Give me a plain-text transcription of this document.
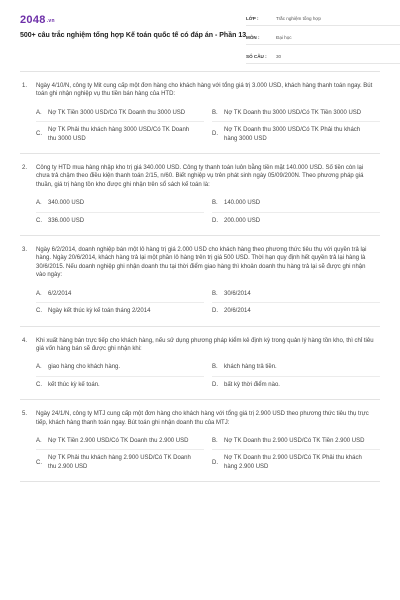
2048.vn
500+ câu trắc nghiệm tổng hợp Kế toán quốc tế có đáp án - Phần 13
LỚP :	Trắc nghiệm tổng hợp
MÔN :	Đại học
SỐ CÂU :	30
1.	Ngày 4/10/N, công ty Mit cung cấp một đơn hàng cho khách hàng với tổng giá trị 3.000 USD, khách hàng thanh toán ngay. Bút toán ghi nhận nghiệp vụ thu tiền bán hàng của HTD:
A.	Nợ TK Tiền 3000 USD/Có TK Doanh thu 3000 USD	B.	Nợ TK Doanh thu 3000 USD/Có TK Tiền 3000 USD
C.
Nợ TK Phải thu khách hàng 3000 USD/Có TK Doanh thu 3000 USD
D.
Nợ TK Doanh thu 3000 USD/Có TK Phải thu khách hàng 3000 USD
2.	Công ty HTD mua hàng nhập kho trị giá 340.000 USD. Công ty thanh toán luôn bằng tiền mặt 140.000 USD. Số tiền còn lại chưa trả chậm theo điều kiện thanh toán 2/15, n/60. Biết nghiệp vụ trên phát sinh ngày 05/09/200N. Theo phương pháp giá thuần, giá trị hàng tồn kho được ghi nhận trên sổ sách kế toán là:
A.	340.000 USD	B.	140.000 USD
C.	336.000 USD	D.	200.000 USD
3.	Ngày 6/2/2014, doanh nghiệp bán một lô hàng trị giá 2.000 USD cho khách hàng theo phương thức tiêu thụ với quyền trả lại hàng. Ngày 20/6/2014, khách hàng trả lại một phần lô hàng trên trị giá 500 USD. Thời hạn quy định hết quyền trả lại hàng là 30/6/2015. Nếu doanh nghiệp ghi nhận doanh thu tại thời điểm giao hàng thì khoản doanh thu hàng trả lại sẽ được ghi nhận vào ngày:
A.	6/2/2014	B.	30/6/2014
C.	Ngày kết thúc kỳ kế toán tháng 2/2014	D.	20/6/2014
4.	Khi xuất hàng bán trực tiếp cho khách hàng, nếu sử dụng phương pháp kiểm kê định kỳ trong quản lý hàng tồn kho, thì chỉ tiêu giá vốn hàng bán sẽ được ghi nhận khi:
A.	giao hàng cho khách hàng.	B.	khách hàng trả tiền.
C.	kết thúc kỳ kế toán.	D.	bất kỳ thời điểm nào.
5.	Ngày 24/1/N, công ty MTJ cung cấp một đơn hàng cho khách hàng với tổng giá trị 2.900 USD theo phương thức tiêu thụ trực tiếp, khách hàng thanh toán ngay. Bút toán ghi nhận doanh thu của MTJ:
A.	Nợ TK Tiền 2.900 USD/Có TK Doanh thu 2.900 USD	B.	Nợ TK Doanh thu 2.900 USD/Có TK Tiền 2.900 USD
C.
Nợ TK Phải thu khách hàng 2.900 USD/Có TK Doanh thu 2.900 USD
D.
Nợ TK Doanh thu 2.900 USD/Có TK Phải thu khách hàng 2.900 USD
